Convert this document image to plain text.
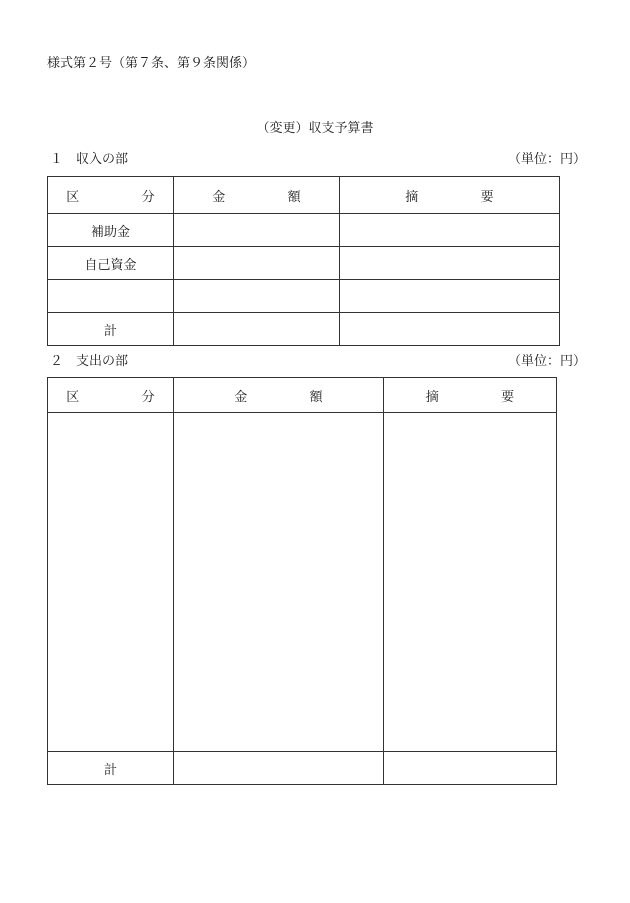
様式第２号（第７条、第９条関係）
（変更）収支予算書
１　収入の部	（単位：円）
区　分	金　額	摘　要
補助金		
自己資金		

計		
２　支出の部	（単位：円）
区　分	金　額	摘　要

計		
